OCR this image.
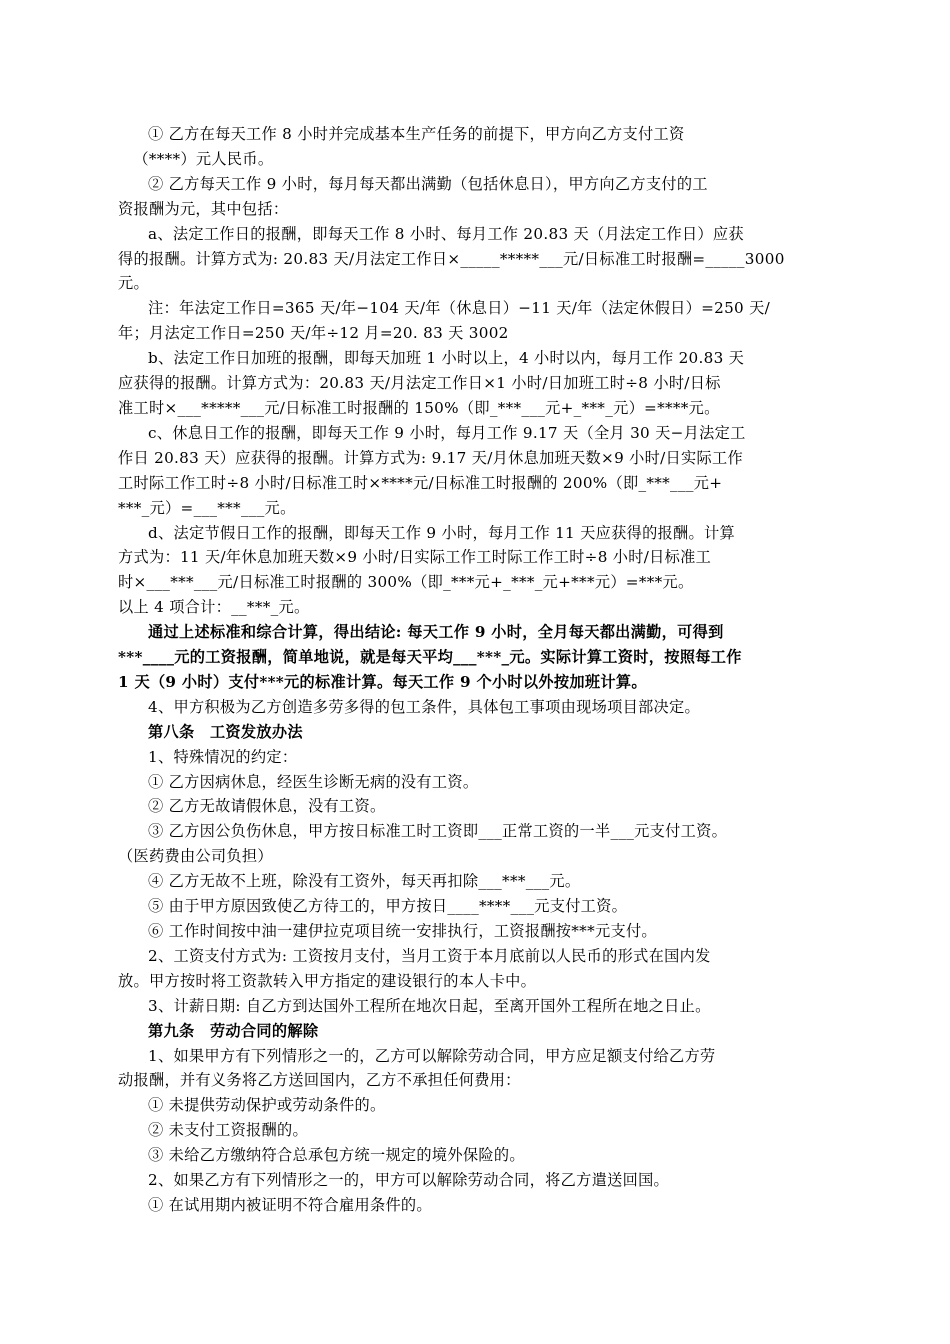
① 乙方在每天工作 8 小时并完成基本生产任务的前提下，甲方向乙方支付工资

（****）元人民币。

② 乙方每天工作 9 小时，每月每天都出满勤（包括休息日），甲方向乙方支付的工

资报酬为元，其中包括：

a、法定工作日的报酬，即每天工作 8 小时、每月工作 20.83 天（月法定工作日）应获

得的报酬。计算方式为: 20.83 天/月法定工作日×_____*****___元/日标准工时报酬=_____3000

元。

注：年法定工作日=365 天/年−104 天/年（休息日）−11 天/年（法定休假日）=250 天/

年；月法定工作日=250 天/年÷12 月=20. 83 天 3002

b、法定工作日加班的报酬，即每天加班 1 小时以上，4 小时以内，每月工作 20.83 天

应获得的报酬。计算方式为：20.83 天/月法定工作日×1 小时/日加班工时÷8 小时/日标

准工时×___*****___元/日标准工时报酬的 150%（即_***___元+_***_元）=****元。

c、休息日工作的报酬，即每天工作 9 小时，每月工作 9.17 天（全月 30 天−月法定工

作日 20.83 天）应获得的报酬。计算方式为: 9.17 天/月休息加班天数×9 小时/日实际工作

工时际工作工时÷8 小时/日标准工时×****元/日标准工时报酬的 200%（即_***___元+

***_元）=___***___元。

d、法定节假日工作的报酬，即每天工作 9 小时，每月工作 11 天应获得的报酬。计算

方式为：11 天/年休息加班天数×9 小时/日实际工作工时际工作工时÷8 小时/日标准工

时×___***___元/日标准工时报酬的 300%（即_***元+_***_元+***元）=***元。

以上 4 项合计：__***_元。

通过上述标准和综合计算，得出结论: 每天工作 9 小时，全月每天都出满勤，可得到

***____元的工资报酬，简单地说，就是每天平均___***_元。实际计算工资时，按照每工作

1 天（9 小时）支付***元的标准计算。每天工作 9 个小时以外按加班计算。

4、甲方积极为乙方创造多劳多得的包工条件，具体包工事项由现场项目部决定。

第八条　工资发放办法

1、特殊情况的约定：

① 乙方因病休息，经医生诊断无病的没有工资。

② 乙方无故请假休息，没有工资。

③ 乙方因公负伤休息，甲方按日标准工时工资即___正常工资的一半___元支付工资。

（医药费由公司负担）

④ 乙方无故不上班，除没有工资外，每天再扣除___***___元。

⑤ 由于甲方原因致使乙方待工的，甲方按日____****___元支付工资。

⑥ 工作时间按中油一建伊拉克项目统一安排执行，工资报酬按***元支付。

2、工资支付方式为: 工资按月支付，当月工资于本月底前以人民币的形式在国内发

放。甲方按时将工资款转入甲方指定的建设银行的本人卡中。

3、计薪日期: 自乙方到达国外工程所在地次日起，至离开国外工程所在地之日止。

第九条　劳动合同的解除

1、如果甲方有下列情形之一的，乙方可以解除劳动合同，甲方应足额支付给乙方劳

动报酬，并有义务将乙方送回国内，乙方不承担任何费用：

① 未提供劳动保护或劳动条件的。

② 未支付工资报酬的。

③ 未给乙方缴纳符合总承包方统一规定的境外保险的。

2、如果乙方有下列情形之一的，甲方可以解除劳动合同，将乙方遣送回国。

① 在试用期内被证明不符合雇用条件的。
